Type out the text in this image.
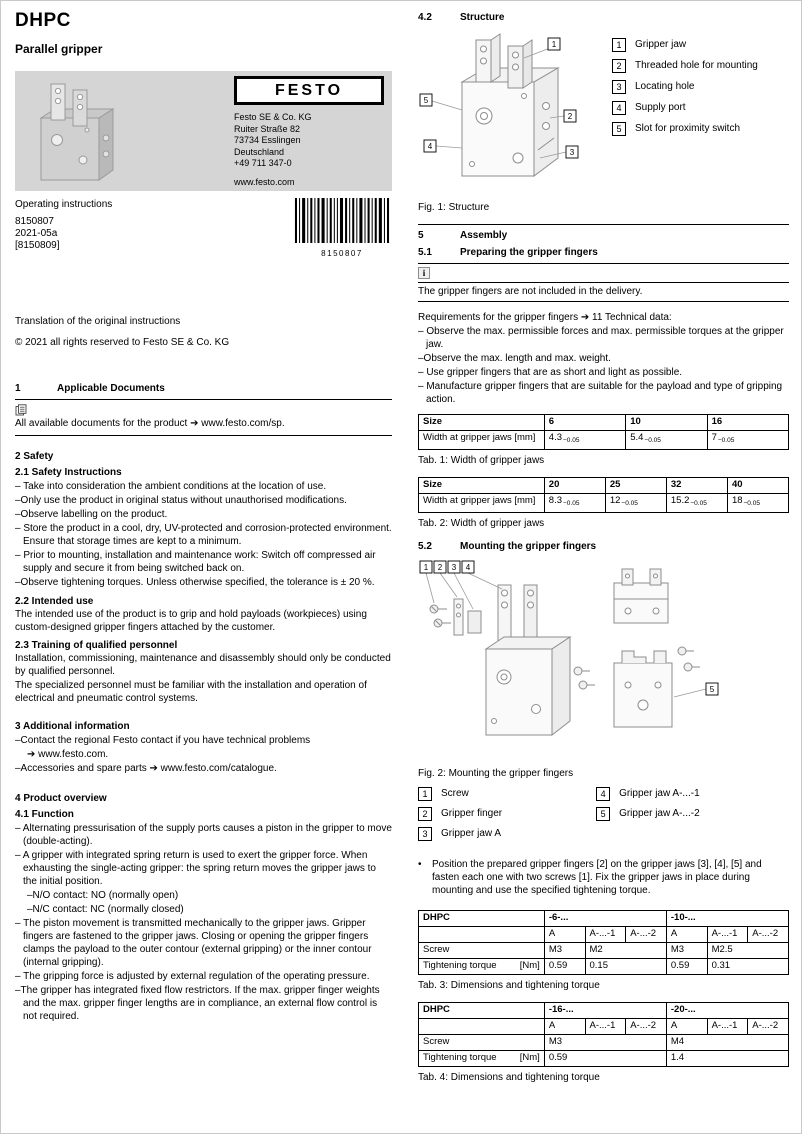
DHPC
Parallel gripper
FESTO
Festo SE & Co. KG
Ruiter Straße 82
73734 Esslingen
Deutschland
+49 711 347-0
www.festo.com
Operating instructions
8150807
2021-05a
[8150809]
8150807
Translation of the original instructions
© 2021 all rights reserved to Festo SE & Co. KG
1	Applicable Documents
All available documents for the product ➔ www.festo.com/sp.
2 Safety
2.1 Safety Instructions
– Take into consideration the ambient conditions at the location of use.
–Only use the product in original status without unauthorised modifications.
–Observe labelling on the product.
– Store the product in a cool, dry, UV-protected and corrosion-protected environment. Ensure that storage times are kept to a minimum.
– Prior to mounting, installation and maintenance work: Switch off compressed air supply and secure it from being switched back on.
–Observe tightening torques. Unless otherwise specified, the tolerance is ± 20 %.
2.2 Intended use
The intended use of the product is to grip and hold payloads (workpieces) using custom-designed gripper fingers attached by the customer.
2.3 Training of qualified personnel
Installation, commissioning, maintenance and disassembly should only be conducted by qualified personnel.
The specialized personnel must be familiar with the installation and operation of electrical and pneumatic control systems.
3 Additional information
–Contact the regional Festo contact if you have technical problems
➔ www.festo.com.
–Accessories and spare parts ➔ www.festo.com/catalogue.
4 Product overview
4.1 Function
– Alternating pressurisation of the supply ports causes a piston in the gripper to move (double-acting).
– A gripper with integrated spring return is used to exert the gripper force. When exhausting the single-acting gripper: the spring return moves the gripper jaws to the initial position.
–N/O contact: NO (normally open)
–N/C contact: NC (normally closed)
– The piston movement is transmitted mechanically to the gripper jaws. Gripper fingers are fastened to the gripper jaws. Closing or opening the gripper fingers clamps the payload to the outer contour (external gripping) or the inner contour (internal gripping).
– The gripping force is adjusted by external regulation of the operating pressure.
–The gripper has integrated fixed flow restrictors. If the max. gripper finger weights and the max. gripper finger lengths are in compliance, an external flow control is not required.
4.2	Structure
1
5
4
2
3
1	Gripper jaw
2	Threaded hole for mounting
3	Locating hole
4	Supply port
5	Slot for proximity switch
Fig. 1: Structure
5	Assembly
5.1	Preparing the gripper fingers
i
The gripper fingers are not included in the delivery.
Requirements for the gripper fingers ➔ 11 Technical data:
– Observe the max. permissible forces and max. permissible torques at the gripper jaw.
–Observe the max. length and max. weight.
– Use gripper fingers that are as short and light as possible.
– Manufacture gripper fingers that are suitable for the payload and type of gripping action.
Size	6	10	16
Width at gripper jaws [mm]	$4.3_{-0.05}$	$5.4_{-0.05}$	$7_{-0.05}$
Tab. 1: Width of gripper jaws
Size	20	25	32	40
Width at gripper jaws [mm]	$8.3_{-0.05}$	$12_{-0.05}$	$15.2_{-0.05}$	$18_{-0.05}$
Tab. 2: Width of gripper jaws
5.2	Mounting the gripper fingers
1 2 3 4
5
Fig. 2: Mounting the gripper fingers
1	Screw
2	Gripper finger
3	Gripper jaw A
4	Gripper jaw A-...-1
5	Gripper jaw A-...-2
•	Position the prepared gripper fingers [2] on the gripper jaws [3], [4], [5] and fasten each one with two screws [1]. Fix the gripper jaws in place during mounting and use the specified tightening torque.
DHPC	-6-...			-10-...		
	A	A-...-1	A-...-2	A	A-...-1	A-...-2
Screw	M3	M2		M3	M2.5	

[Nm]
Tightening torque	0.59	0.15		0.59	0.31	
Tab. 3: Dimensions and tightening torque
DHPC	-16-...			-20-...		
	A	A-...-1	A-...-2	A	A-...-1	A-...-2
Screw	M3			M4		

[Nm]
Tightening torque	0.59			1.4		
Tab. 4: Dimensions and tightening torque
